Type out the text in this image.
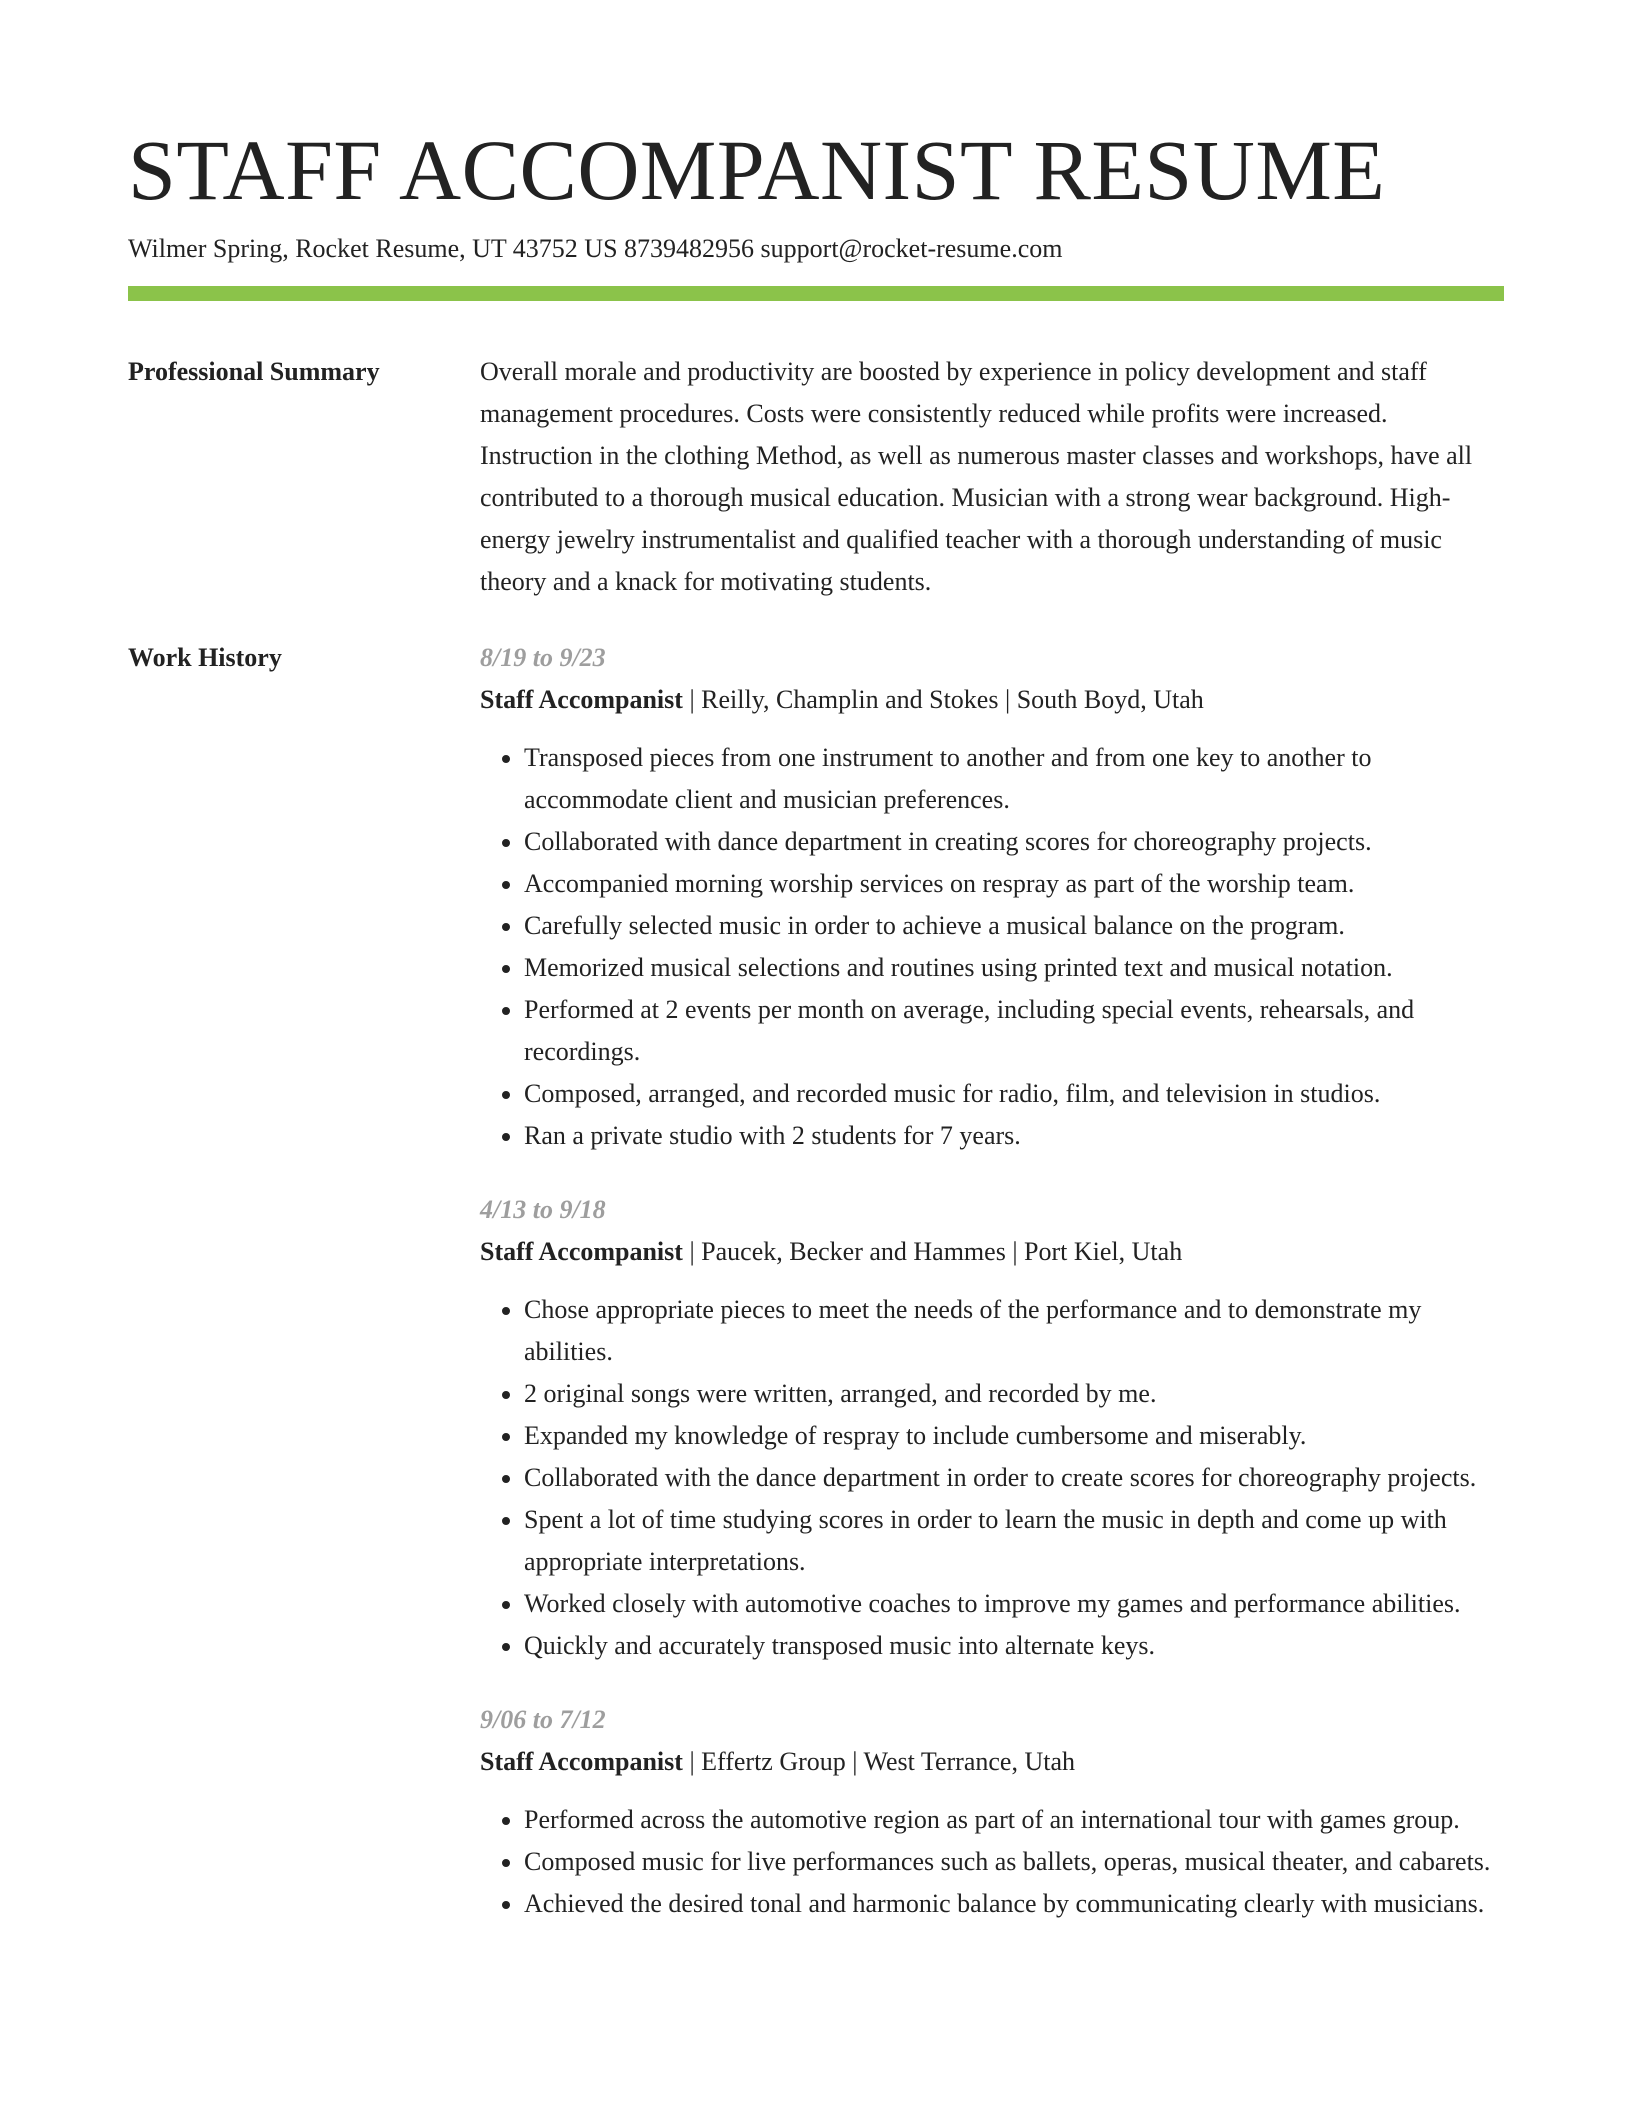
STAFF ACCOMPANIST RESUME
Wilmer Spring, Rocket Resume, UT 43752 US 8739482956 support@rocket-resume.com
Professional Summary	Overall morale and productivity are boosted by experience in policy development and staff management procedures. Costs were consistently reduced while profits were increased. Instruction in the clothing Method, as well as numerous master classes and workshops, have all contributed to a thorough musical education. Musician with a strong wear background. High-energy jewelry instrumentalist and qualified teacher with a thorough understanding of music theory and a knack for motivating students.

Work History	8/19 to 9/23

Staff Accompanist | Reilly, Champlin and Stokes | South Boyd, Utah

• Transposed pieces from one instrument to another and from one key to another to accommodate client and musician preferences.
• Collaborated with dance department in creating scores for choreography projects.
• Accompanied morning worship services on respray as part of the worship team.
• Carefully selected music in order to achieve a musical balance on the program.
• Memorized musical selections and routines using printed text and musical notation.
• Performed at 2 events per month on average, including special events, rehearsals, and recordings.
• Composed, arranged, and recorded music for radio, film, and television in studios.
• Ran a private studio with 2 students for 7 years.
4/13 to 9/18

Staff Accompanist | Paucek, Becker and Hammes | Port Kiel, Utah

• Chose appropriate pieces to meet the needs of the performance and to demonstrate my abilities.
• 2 original songs were written, arranged, and recorded by me.
• Expanded my knowledge of respray to include cumbersome and miserably.
• Collaborated with the dance department in order to create scores for choreography projects.
• Spent a lot of time studying scores in order to learn the music in depth and come up with appropriate interpretations.
• Worked closely with automotive coaches to improve my games and performance abilities.
• Quickly and accurately transposed music into alternate keys.
9/06 to 7/12

Staff Accompanist | Effertz Group | West Terrance, Utah

• Performed across the automotive region as part of an international tour with games group.
• Composed music for live performances such as ballets, operas, musical theater, and cabarets.
• Achieved the desired tonal and harmonic balance by communicating clearly with musicians.
